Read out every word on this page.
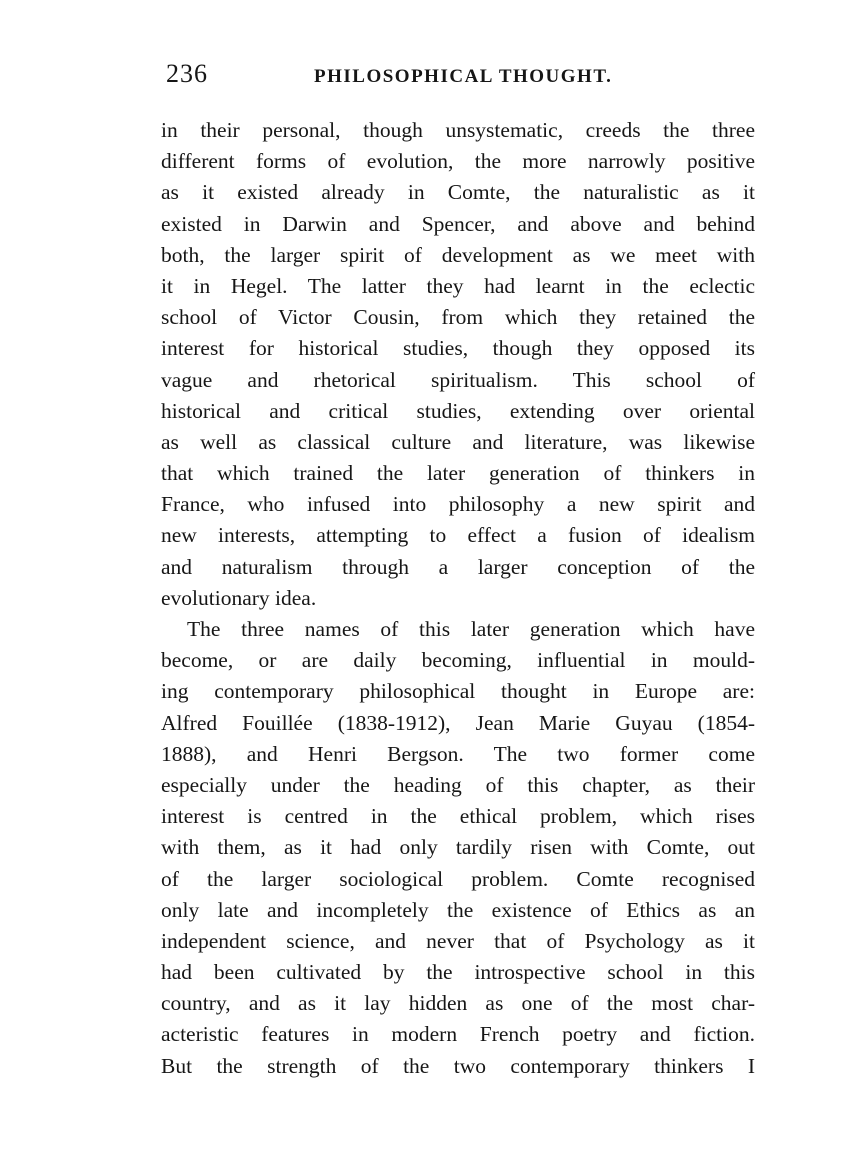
236	PHILOSOPHICAL THOUGHT.
in their personal, though unsystematic, creeds the three
different forms of evolution, the more narrowly positive
as it existed already in Comte, the naturalistic as it
existed in Darwin and Spencer, and above and behind
both, the larger spirit of development as we meet with
it in Hegel. The latter they had learnt in the eclectic
school of Victor Cousin, from which they retained the
interest for historical studies, though they opposed its
vague and rhetorical spiritualism. This school of
historical and critical studies, extending over oriental
as well as classical culture and literature, was likewise
that which trained the later generation of thinkers in
France, who infused into philosophy a new spirit and
new interests, attempting to effect a fusion of idealism
and naturalism through a larger conception of the
evolutionary idea.
The three names of this later generation which have
become, or are daily becoming, influential in mould-
ing contemporary philosophical thought in Europe are:
Alfred Fouillée (1838-1912), Jean Marie Guyau (1854-
1888), and Henri Bergson. The two former come
especially under the heading of this chapter, as their
interest is centred in the ethical problem, which rises
with them, as it had only tardily risen with Comte, out
of the larger sociological problem. Comte recognised
only late and incompletely the existence of Ethics as an
independent science, and never that of Psychology as it
had been cultivated by the introspective school in this
country, and as it lay hidden as one of the most char-
acteristic features in modern French poetry and fiction.
But the strength of the two contemporary thinkers I
